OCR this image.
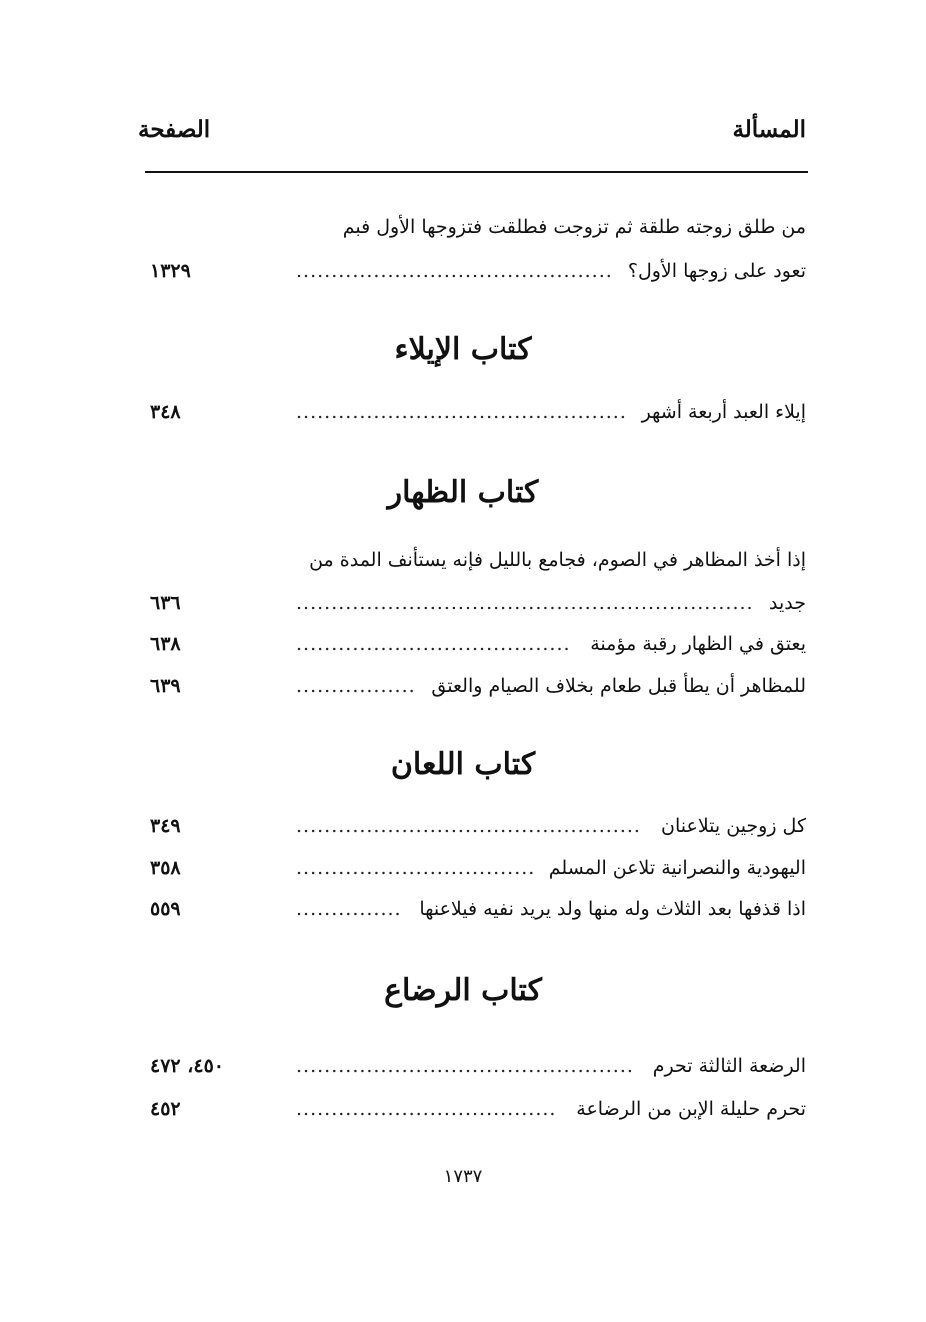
المسألة
الصفحة
من طلق زوجته طلقة ثم تزوجت فطلقت فتزوجها الأول فبم
تعود على زوجها الأول؟
.............................................
١٣٢٩
كتاب الإيلاء
إيلاء العبد أربعة أشهر
...............................................
٣٤٨
كتاب الظهار
إذا أخذ المظاهر في الصوم، فجامع بالليل فإنه يستأنف المدة من
جديد
.................................................................
٦٣٦
يعتق في الظهار رقبة مؤمنة
.......................................
٦٣٨
للمظاهر أن يطأ قبل طعام بخلاف الصيام والعتق
.................
٦٣٩
كتاب اللعان
كل زوجين يتلاعنان
.................................................
٣٤٩
اليهودية والنصرانية تلاعن المسلم
..................................
٣٥٨
اذا قذفها بعد الثلاث وله منها ولد يريد نفيه فيلاعنها
...............
٥٥٩
كتاب الرضاع
الرضعة الثالثة تحرم
................................................
٤٥٠، ٤٧٢
تحرم حليلة الإبن من الرضاعة
.....................................
٤٥٢
١٧٣٧
